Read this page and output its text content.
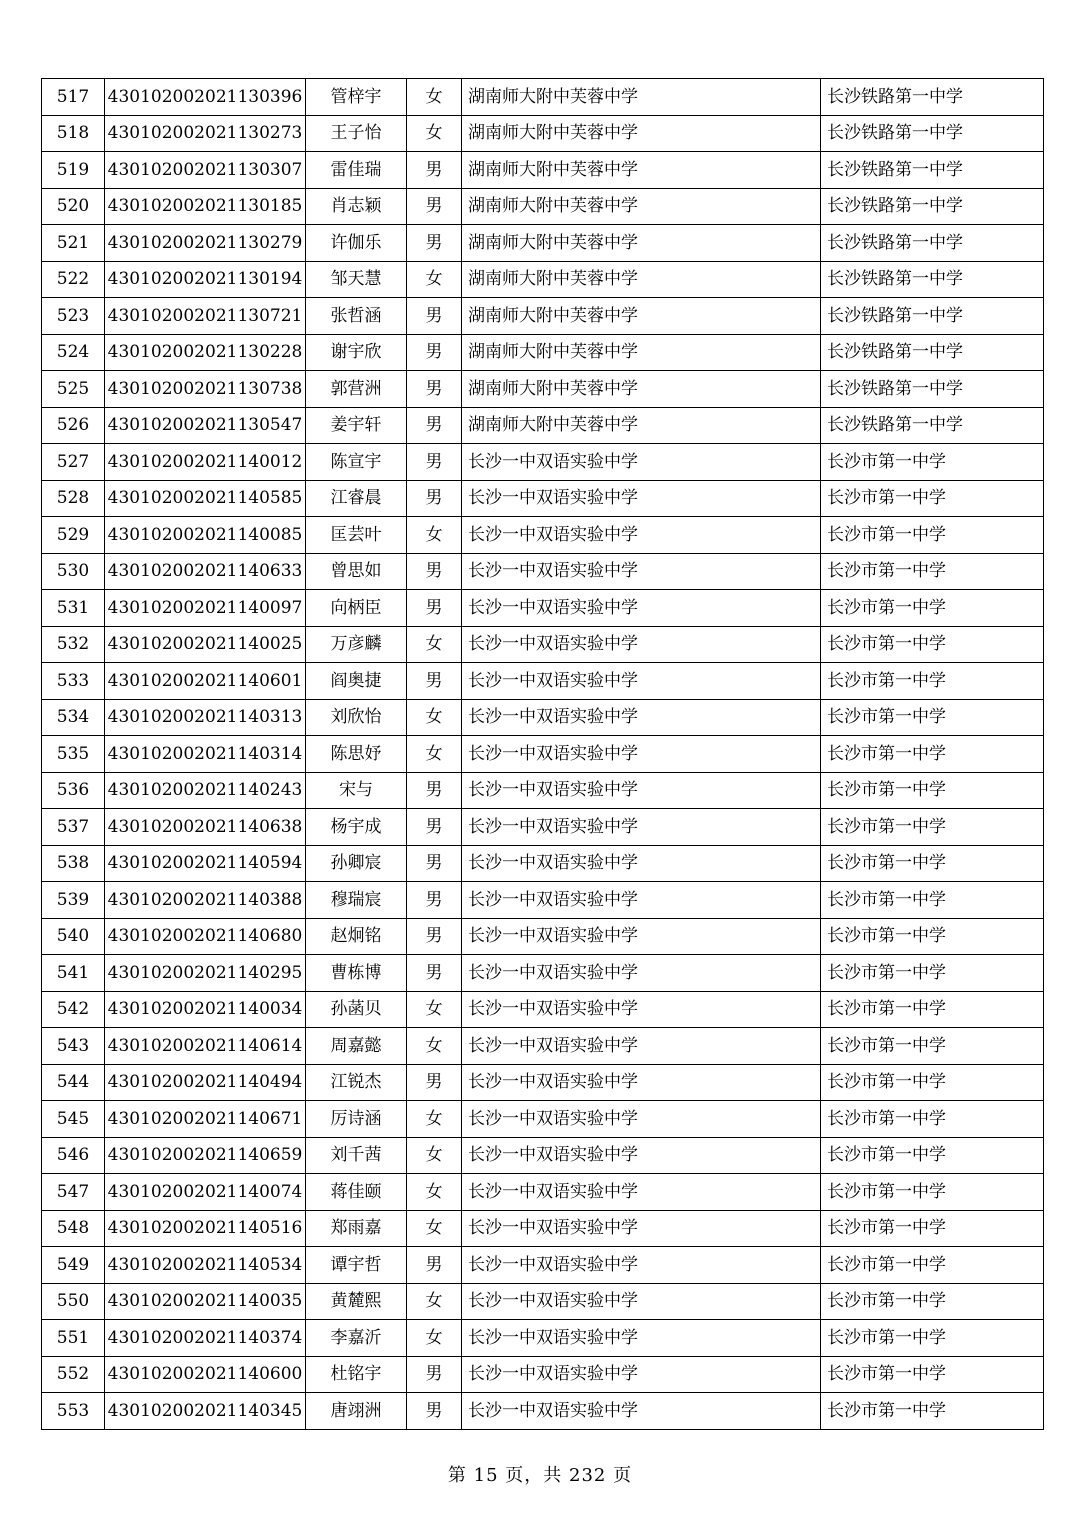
517	430102002021130396	管梓宇	女	湖南师大附中芙蓉中学	长沙铁路第一中学
518	430102002021130273	王子怡	女	湖南师大附中芙蓉中学	长沙铁路第一中学
519	430102002021130307	雷佳瑞	男	湖南师大附中芙蓉中学	长沙铁路第一中学
520	430102002021130185	肖志颖	男	湖南师大附中芙蓉中学	长沙铁路第一中学
521	430102002021130279	许伽乐	男	湖南师大附中芙蓉中学	长沙铁路第一中学
522	430102002021130194	邹天慧	女	湖南师大附中芙蓉中学	长沙铁路第一中学
523	430102002021130721	张哲涵	男	湖南师大附中芙蓉中学	长沙铁路第一中学
524	430102002021130228	谢宇欣	男	湖南师大附中芙蓉中学	长沙铁路第一中学
525	430102002021130738	郭营洲	男	湖南师大附中芙蓉中学	长沙铁路第一中学
526	430102002021130547	姜宇轩	男	湖南师大附中芙蓉中学	长沙铁路第一中学
527	430102002021140012	陈宣宇	男	长沙一中双语实验中学	长沙市第一中学
528	430102002021140585	江睿晨	男	长沙一中双语实验中学	长沙市第一中学
529	430102002021140085	匡芸叶	女	长沙一中双语实验中学	长沙市第一中学
530	430102002021140633	曾思如	男	长沙一中双语实验中学	长沙市第一中学
531	430102002021140097	向柄臣	男	长沙一中双语实验中学	长沙市第一中学
532	430102002021140025	万彦麟	女	长沙一中双语实验中学	长沙市第一中学
533	430102002021140601	阎奥捷	男	长沙一中双语实验中学	长沙市第一中学
534	430102002021140313	刘欣怡	女	长沙一中双语实验中学	长沙市第一中学
535	430102002021140314	陈思妤	女	长沙一中双语实验中学	长沙市第一中学
536	430102002021140243	宋与	男	长沙一中双语实验中学	长沙市第一中学
537	430102002021140638	杨宇成	男	长沙一中双语实验中学	长沙市第一中学
538	430102002021140594	孙卿宸	男	长沙一中双语实验中学	长沙市第一中学
539	430102002021140388	穆瑞宸	男	长沙一中双语实验中学	长沙市第一中学
540	430102002021140680	赵炯铭	男	长沙一中双语实验中学	长沙市第一中学
541	430102002021140295	曹栋博	男	长沙一中双语实验中学	长沙市第一中学
542	430102002021140034	孙菡贝	女	长沙一中双语实验中学	长沙市第一中学
543	430102002021140614	周嘉懿	女	长沙一中双语实验中学	长沙市第一中学
544	430102002021140494	江锐杰	男	长沙一中双语实验中学	长沙市第一中学
545	430102002021140671	厉诗涵	女	长沙一中双语实验中学	长沙市第一中学
546	430102002021140659	刘千茜	女	长沙一中双语实验中学	长沙市第一中学
547	430102002021140074	蒋佳颐	女	长沙一中双语实验中学	长沙市第一中学
548	430102002021140516	郑雨嘉	女	长沙一中双语实验中学	长沙市第一中学
549	430102002021140534	谭宇哲	男	长沙一中双语实验中学	长沙市第一中学
550	430102002021140035	黄麓熙	女	长沙一中双语实验中学	长沙市第一中学
551	430102002021140374	李嘉沂	女	长沙一中双语实验中学	长沙市第一中学
552	430102002021140600	杜铭宇	男	长沙一中双语实验中学	长沙市第一中学
553	430102002021140345	唐翊洲	男	长沙一中双语实验中学	长沙市第一中学
第 15 页，共 232 页
